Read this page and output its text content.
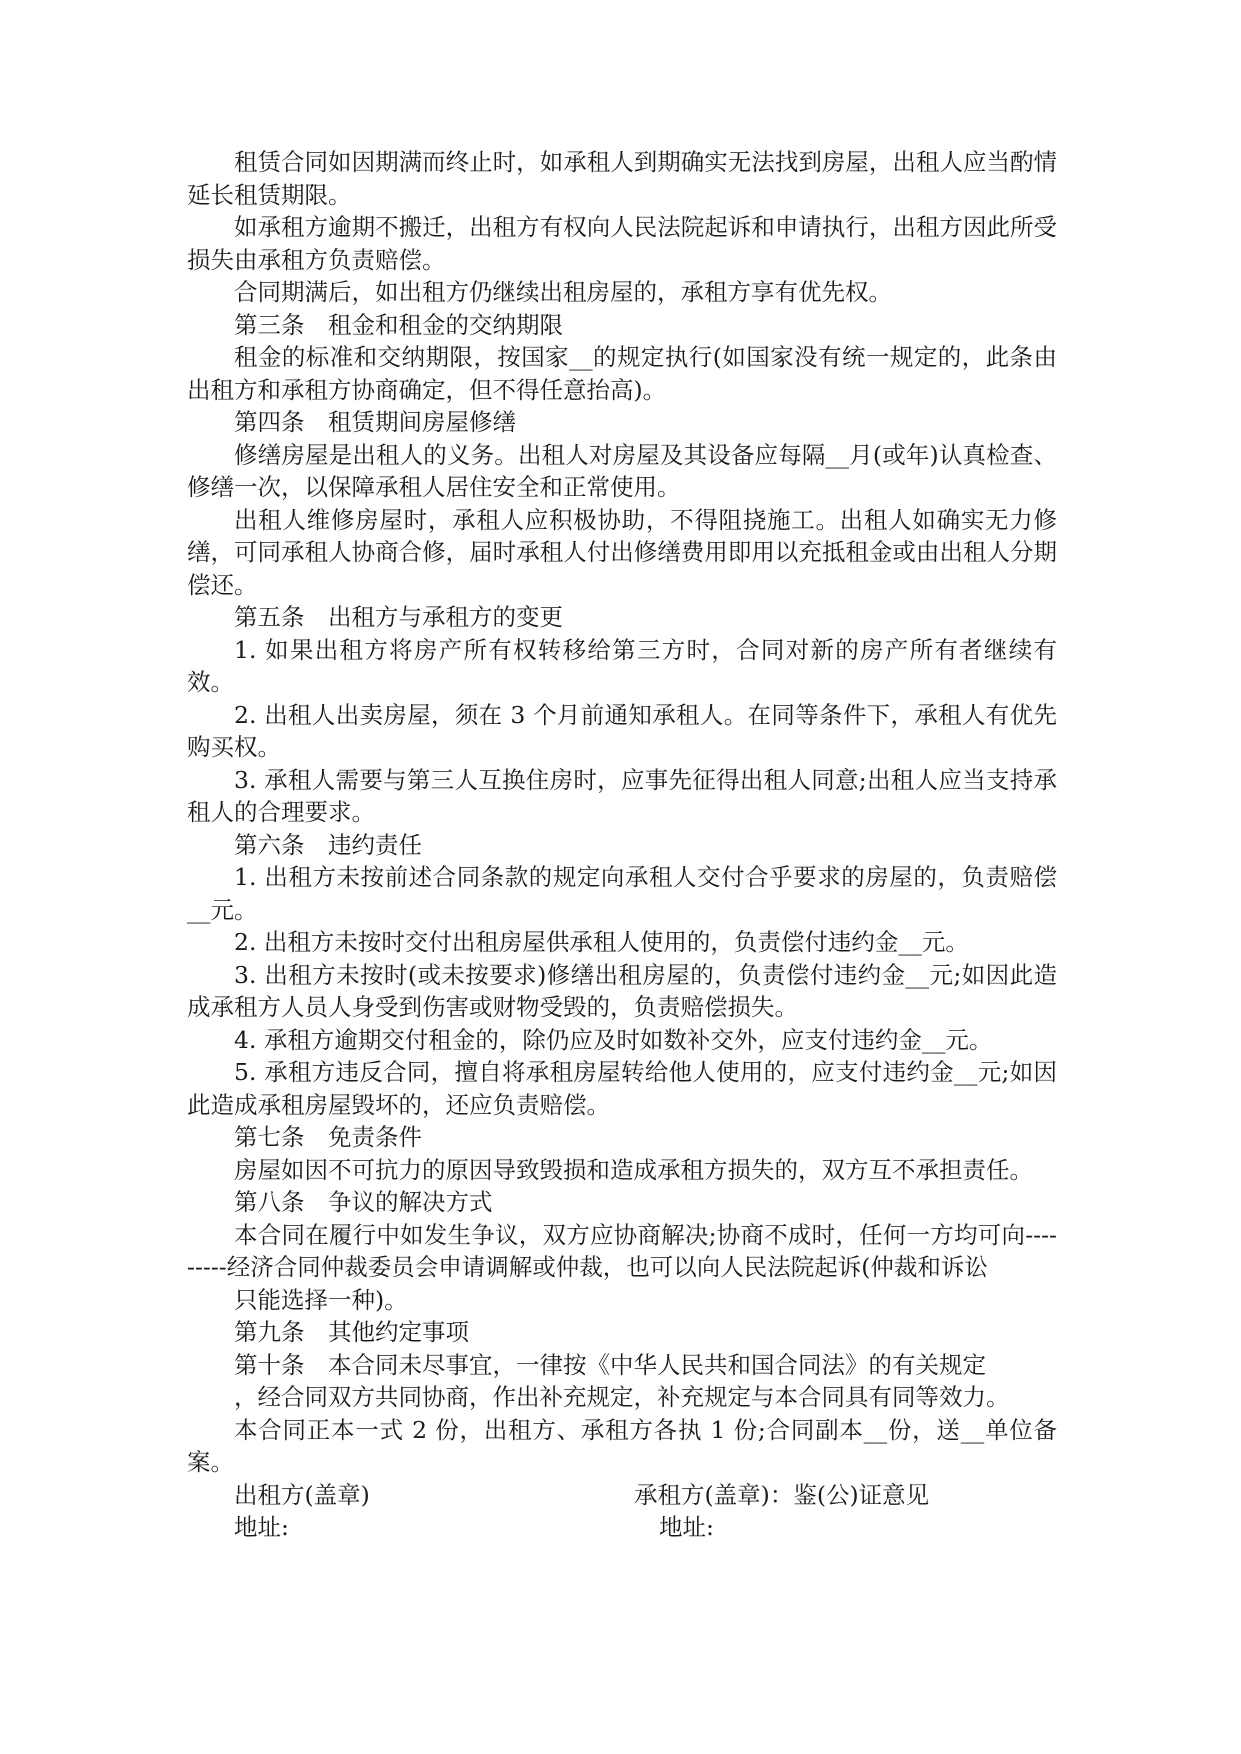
租赁合同如因期满而终止时，如承租人到期确实无法找到房屋，出租人应当酌情延长租赁期限。

如承租方逾期不搬迁，出租方有权向人民法院起诉和申请执行，出租方因此所受损失由承租方负责赔偿。

合同期满后，如出租方仍继续出租房屋的，承租方享有优先权。

第三条　租金和租金的交纳期限

租金的标准和交纳期限，按国家__的规定执行(如国家没有统一规定的，此条由出租方和承租方协商确定，但不得任意抬高)。

第四条　租赁期间房屋修缮

修缮房屋是出租人的义务。出租人对房屋及其设备应每隔__月(或年)认真检查、修缮一次，以保障承租人居住安全和正常使用。

出租人维修房屋时，承租人应积极协助，不得阻挠施工。出租人如确实无力修缮，可同承租人协商合修，届时承租人付出修缮费用即用以充抵租金或由出租人分期偿还。

第五条　出租方与承租方的变更

1. 如果出租方将房产所有权转移给第三方时，合同对新的房产所有者继续有效。

2. 出租人出卖房屋，须在 3 个月前通知承租人。在同等条件下，承租人有优先购买权。

3. 承租人需要与第三人互换住房时，应事先征得出租人同意;出租人应当支持承租人的合理要求。

第六条　违约责任

1. 出租方未按前述合同条款的规定向承租人交付合乎要求的房屋的，负责赔偿__元。

2. 出租方未按时交付出租房屋供承租人使用的，负责偿付违约金__元。

3. 出租方未按时(或未按要求)修缮出租房屋的，负责偿付违约金__元;如因此造成承租方人员人身受到伤害或财物受毁的，负责赔偿损失。

4. 承租方逾期交付租金的，除仍应及时如数补交外，应支付违约金__元。

5. 承租方违反合同，擅自将承租房屋转给他人使用的，应支付违约金__元;如因此造成承租房屋毁坏的，还应负责赔偿。

第七条　免责条件

房屋如因不可抗力的原因导致毁损和造成承租方损失的，双方互不承担责任。

第八条　争议的解决方式

本合同在履行中如发生争议，双方应协商解决;协商不成时，任何一方均可向---------经济合同仲裁委员会申请调解或仲裁，也可以向人民法院起诉(仲裁和诉讼

只能选择一种)。

第九条　其他约定事项

第十条　本合同未尽事宜，一律按《中华人民共和国合同法》的有关规定

，经合同双方共同协商，作出补充规定，补充规定与本合同具有同等效力。

本合同正本一式 2 份，出租方、承租方各执 1 份;合同副本__份，送__单位备案。

出租方(盖章)	承租方(盖章)：鉴(公)证意见
地址:	地址:
